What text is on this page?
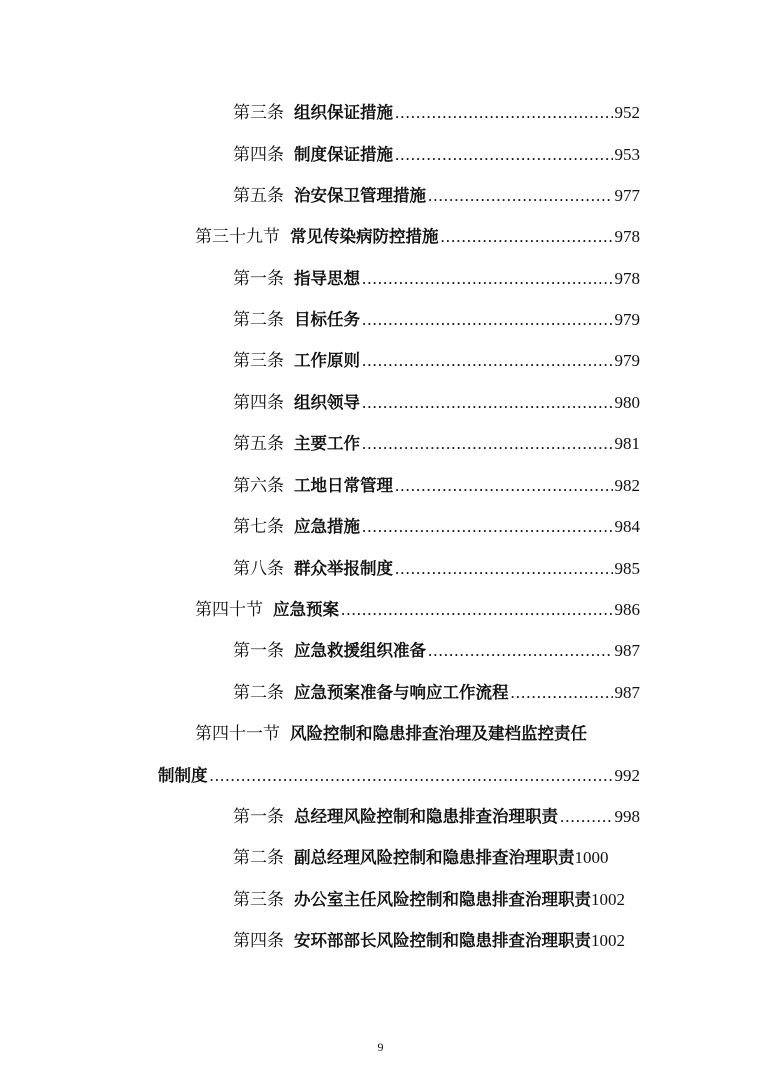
第三条 组织保证措施 .....	952
第四条 制度保证措施 .....	953
第五条 治安保卫管理措施 .....	977
第三十九节 常见传染病防控措施 .....	978
第一条 指导思想 .....	978
第二条 目标任务 .....	979
第三条 工作原则 .....	979
第四条 组织领导 .....	980
第五条 主要工作 .....	981
第六条 工地日常管理 .....	982
第七条 应急措施 .....	984
第八条 群众举报制度 .....	985
第四十节 应急预案 .....	986
第一条 应急救援组织准备 .....	987
第二条 应急预案准备与响应工作流程 .....	987
第四十一节 风险控制和隐患排查治理及建档监控责任
制制度 .....	992
第一条 总经理风险控制和隐患排查治理职责 .....	998
第二条 副总经理风险控制和隐患排查治理职责 1000
第三条 办公室主任风险控制和隐患排查治理职责 1002
第四条 安环部部长风险控制和隐患排查治理职责 1002
9
